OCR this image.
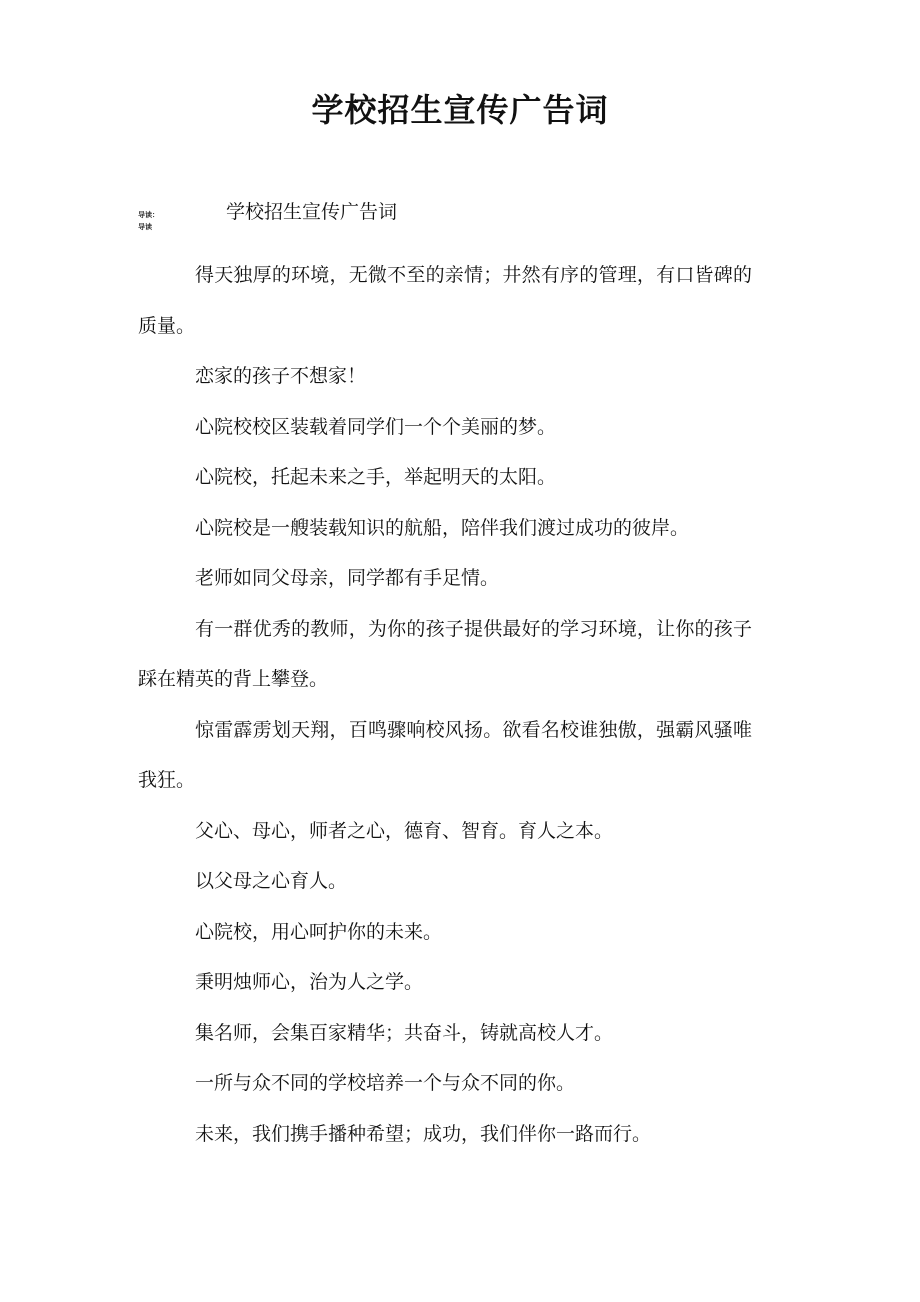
学校招生宣传广告词
导读：
导读
学校招生宣传广告词

得天独厚的环境，无微不至的亲情；井然有序的管理，有口皆碑的质量。

恋家的孩子不想家！

心院校校区装载着同学们一个个美丽的梦。

心院校，托起未来之手，举起明天的太阳。

心院校是一艘装载知识的航船，陪伴我们渡过成功的彼岸。

老师如同父母亲，同学都有手足情。

有一群优秀的教师，为你的孩子提供最好的学习环境，让你的孩子踩在精英的背上攀登。

惊雷霹雳划天翔，百鸣骤响校风扬。欲看名校谁独傲，强霸风骚唯我狂。

父心、母心，师者之心，德育、智育。育人之本。

以父母之心育人。

心院校，用心呵护你的未来。

秉明烛师心，治为人之学。

集名师，会集百家精华；共奋斗，铸就高校人才。

一所与众不同的学校培养一个与众不同的你。

未来，我们携手播种希望；成功，我们伴你一路而行。
